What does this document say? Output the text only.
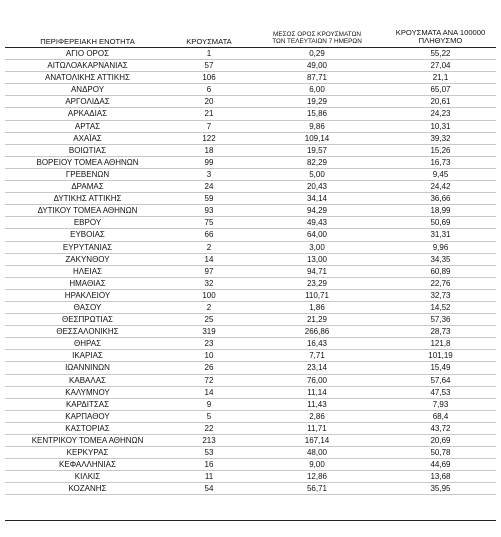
ΠΕΡΙΦΕΡΕΙΑΚΗ ΕΝΟΤΗΤΑ	ΚΡΟΥΣΜΑΤΑ
ΜΕΣΟΣ ΟΡΟΣ ΚΡΟΥΣΜΑΤΩΝ
ΤΩΝ ΤΕΛΕΥΤΑΙΩΝ 7 ΗΜΕΡΩΝ
ΚΡΟΥΣΜΑΤΑ ΑΝΑ 100000
ΠΛΗΘΥΣΜΟ
ΑΓΙΟ ΟΡΟΣ	1	0,29	55,22
ΑΙΤΩΛΟΑΚΑΡΝΑΝΙΑΣ	57	49,00	27,04
ΑΝΑΤΟΛΙΚΗΣ ΑΤΤΙΚΗΣ	106	87,71	21,1
ΑΝΔΡΟΥ	6	6,00	65,07
ΑΡΓΟΛΙΔΑΣ	20	19,29	20,61
ΑΡΚΑΔΙΑΣ	21	15,86	24,23
ΑΡΤΑΣ	7	9,86	10,31
ΑΧΑΪΑΣ	122	109,14	39,32
ΒΟΙΩΤΙΑΣ	18	19,57	15,26
ΒΟΡΕΙΟΥ ΤΟΜΕΑ ΑΘΗΝΩΝ	99	82,29	16,73
ΓΡΕΒΕΝΩΝ	3	5,00	9,45
ΔΡΑΜΑΣ	24	20,43	24,42
ΔΥΤΙΚΗΣ ΑΤΤΙΚΗΣ	59	34,14	36,66
ΔΥΤΙΚΟΥ ΤΟΜΕΑ ΑΘΗΝΩΝ	93	94,29	18,99
ΕΒΡΟΥ	75	49,43	50,69
ΕΥΒΟΙΑΣ	66	64,00	31,31
ΕΥΡΥΤΑΝΙΑΣ	2	3,00	9,96
ΖΑΚΥΝΘΟΥ	14	13,00	34,35
ΗΛΕΙΑΣ	97	94,71	60,89
ΗΜΑΘΙΑΣ	32	23,29	22,76
ΗΡΑΚΛΕΙΟΥ	100	110,71	32,73
ΘΑΣΟΥ	2	1,86	14,52
ΘΕΣΠΡΩΤΙΑΣ	25	21,29	57,36
ΘΕΣΣΑΛΟΝΙΚΗΣ	319	266,86	28,73
ΘΗΡΑΣ	23	16,43	121,8
ΙΚΑΡΙΑΣ	10	7,71	101,19
ΙΩΑΝΝΙΝΩΝ	26	23,14	15,49
ΚΑΒΑΛΑΣ	72	76,00	57,64
ΚΑΛΥΜΝΟΥ	14	11,14	47,53
ΚΑΡΔΙΤΣΑΣ	9	11,43	7,93
ΚΑΡΠΑΘΟΥ	5	2,86	68,4
ΚΑΣΤΟΡΙΑΣ	22	11,71	43,72
ΚΕΝΤΡΙΚΟΥ ΤΟΜΕΑ ΑΘΗΝΩΝ	213	167,14	20,69
ΚΕΡΚΥΡΑΣ	53	48,00	50,78
ΚΕΦΑΛΛΗΝΙΑΣ	16	9,00	44,69
ΚΙΛΚΙΣ	11	12,86	13,68
ΚΟΖΑΝΗΣ	54	56,71	35,95
